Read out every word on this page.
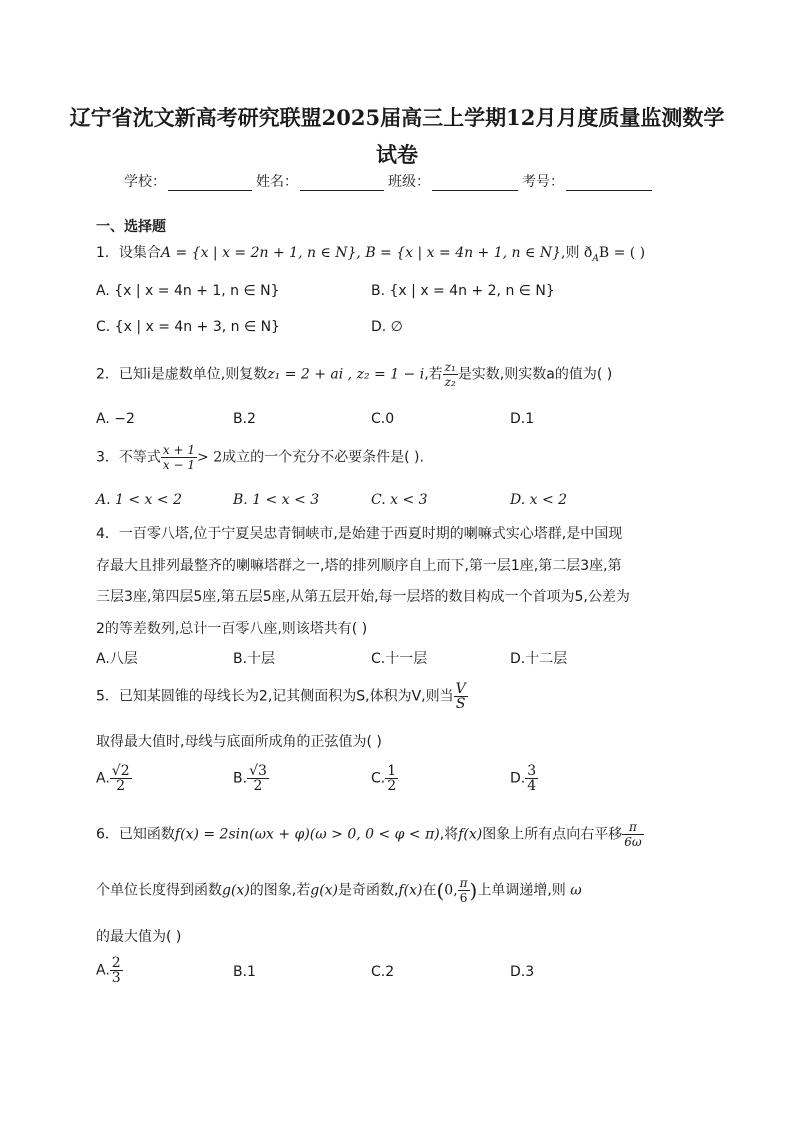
辽宁省沈文新高考研究联盟2025届高三上学期12月月度质量监测数学
试卷
学校：	姓名：	班级：	考号：
一、选择题
1．设集合A = {x | x = 2n + 1, n ∈ N}, B = {x | x = 4n + 1, n ∈ N},则 $ð_AB$ = ( )
A. {x | x = 4n + 1, n ∈ N}	B. {x | x = 4n + 2, n ∈ N}
C. {x | x = 4n + 3, n ∈ N}	D. ∅
2．已知i是虚数单位,则复数z₁ = 2 + ai , z₂ = 1 − i,若 $\frac{\text{z₁}}{\text{z₂}}$ 是实数,则实数a的值为( )
A. −2	B.2	C.0	D.1
3．不等式 $\frac{x + 1}{x - 1} > 2$成立的一个充分不必要条件是( ).
A. 1 < x < 2	B. 1 < x < 3	C. x < 3	D. x < 2
4．一百零八塔,位于宁夏吴忠青铜峡市,是始建于西夏时期的喇嘛式实心塔群,是中国现
存最大且排列最整齐的喇嘛塔群之一,塔的排列顺序自上而下,第一层1座,第二层3座,第
三层3座,第四层5座,第五层5座,从第五层开始,每一层塔的数目构成一个首项为5,公差为
2的等差数列,总计一百零八座,则该塔共有( )
A.八层	B.十层	C.十一层	D.十二层
5．已知某圆锥的母线长为2,记其侧面积为S,体积为V,则当 $\frac{V}{S}$
取得最大值时,母线与底面所成角的正弦值为( )
A. $\frac{√2}{2}$	B. $\frac{√3}{2}$	C. $\frac{1}{2}$	D. $\frac{3}{4}$
6．已知函数f(x) = 2sin(ωx + φ)(ω > 0, 0 < φ < π),将f(x)图象上所有点向右平移 $\frac{\pi}{6\omega}$
个单位长度得到函数g(x)的图象,若g(x)是奇函数,f(x)在(0, $\frac{\pi}{6}$ )上单调递增,则 ω
的最大值为( )
A. $\frac{2}{3}$	B.1	C.2	D.3
